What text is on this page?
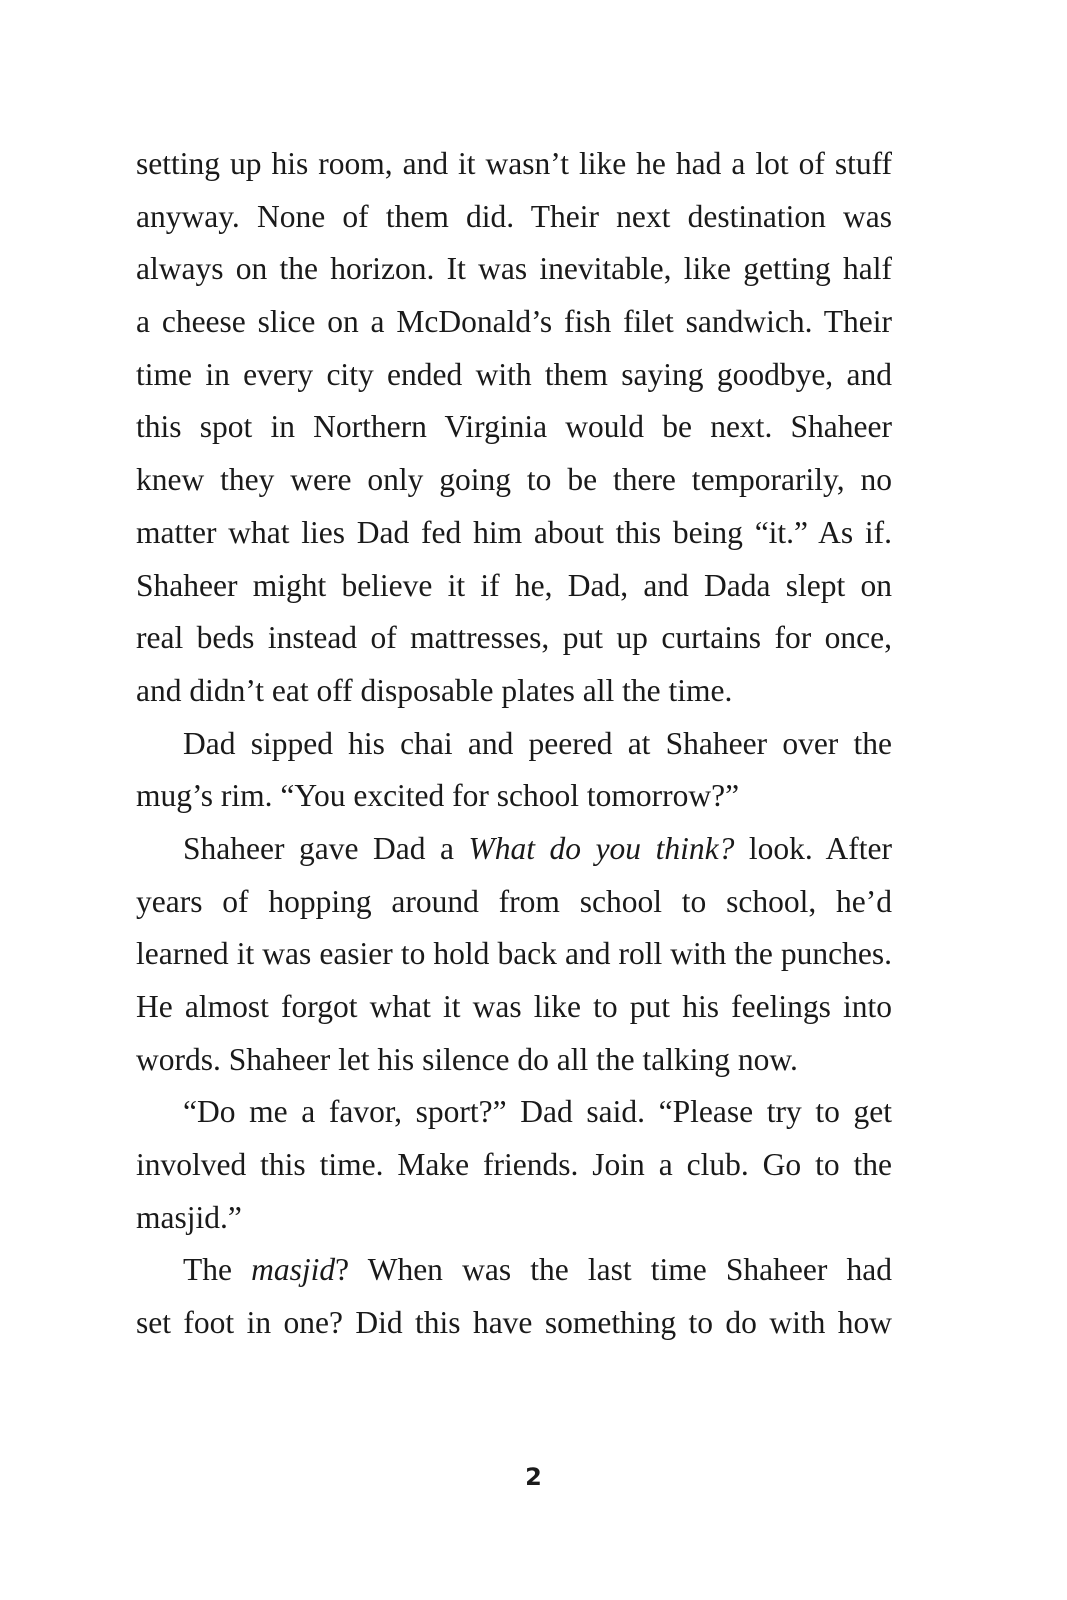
setting up his room, and it wasn’t like he had a lot of stuff
anyway. None of them did. Their next destination was
always on the horizon. It was inevitable, like getting half
a cheese slice on a McDonald’s fish filet sandwich. Their
time in every city ended with them saying goodbye, and
this spot in Northern Virginia would be next. Shaheer
knew they were only going to be there temporarily, no
matter what lies Dad fed him about this being “it.” As if.
Shaheer might believe it if he, Dad, and Dada slept on
real beds instead of mattresses, put up curtains for once,
and didn’t eat off disposable plates all the time.
Dad sipped his chai and peered at Shaheer over the
mug’s rim. “You excited for school tomorrow?”
Shaheer gave Dad a What do you think? look. After
years of hopping around from school to school, he’d
learned it was easier to hold back and roll with the punches.
He almost forgot what it was like to put his feelings into
words. Shaheer let his silence do all the talking now.
“Do me a favor, sport?” Dad said. “Please try to get
involved this time. Make friends. Join a club. Go to the
masjid.”
The masjid? When was the last time Shaheer had
set foot in one? Did this have something to do with how
2
